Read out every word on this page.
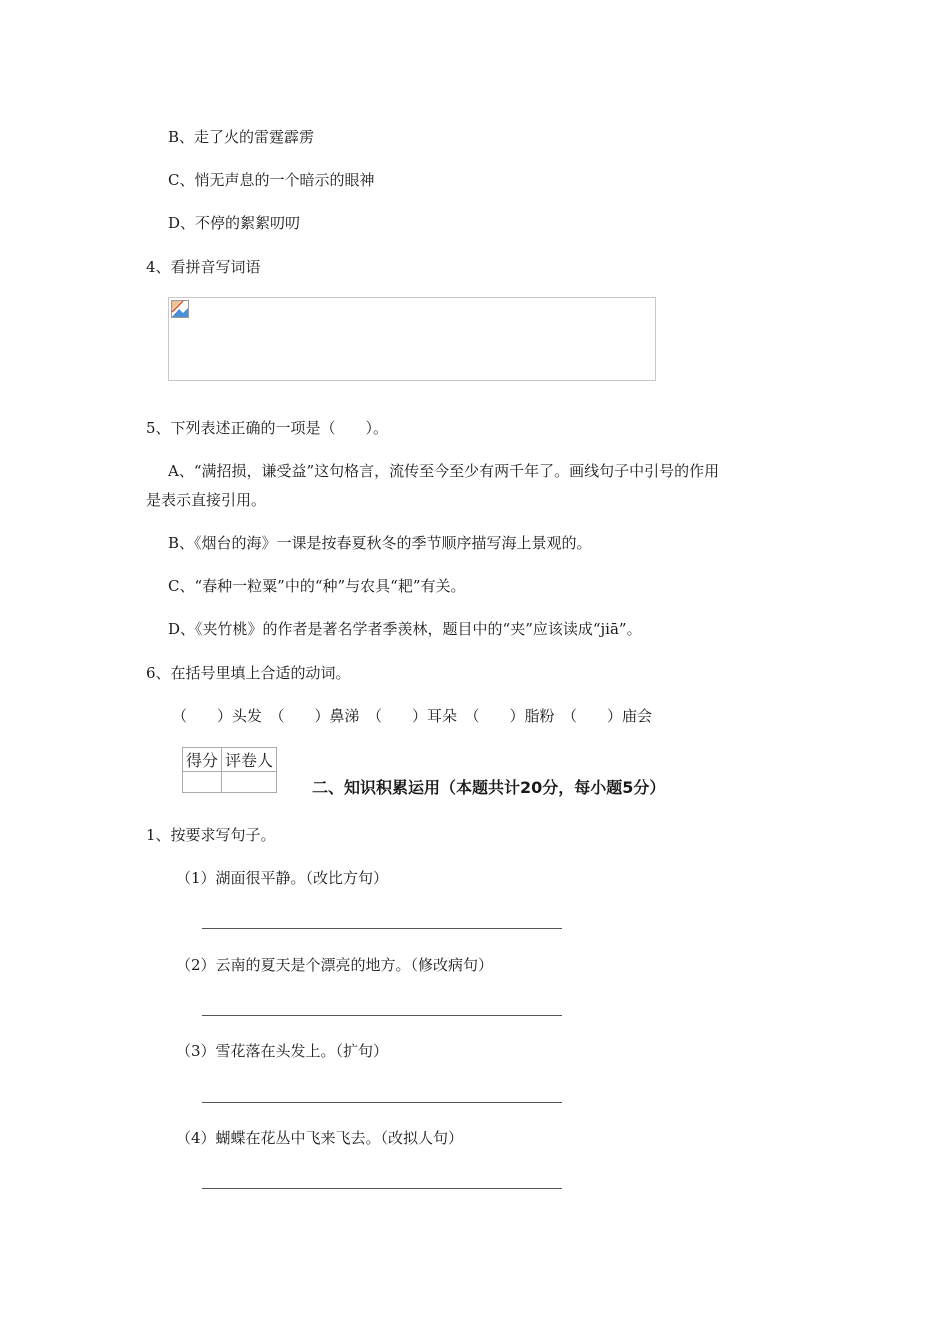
B、走了火的雷霆霹雳
C、悄无声息的一个暗示的眼神
D、不停的絮絮叨叨
4、看拼音写词语
5、下列表述正确的一项是（　　）。
A、“满招损，谦受益”这句格言，流传至今至少有两千年了。画线句子中引号的作用
是表示直接引用。
B、《烟台的海》一课是按春夏秋冬的季节顺序描写海上景观的。
C、“春种一粒粟”中的“种”与农具“耙”有关。
D、《夹竹桃》的作者是著名学者季羡林，题目中的“夹”应该读成“jiā”。
6、在括号里填上合适的动词。
（　　）头发　（　　）鼻涕　（　　）耳朵　（　　）脂粉　（　　）庙会
得分	评卷人

二、知识积累运用（本题共计20分，每小题5分）
1、按要求写句子。
（1）湖面很平静。（改比方句）
（2）云南的夏天是个漂亮的地方。（修改病句）
（3）雪花落在头发上。（扩句）
（4）蝴蝶在花丛中飞来飞去。（改拟人句）
